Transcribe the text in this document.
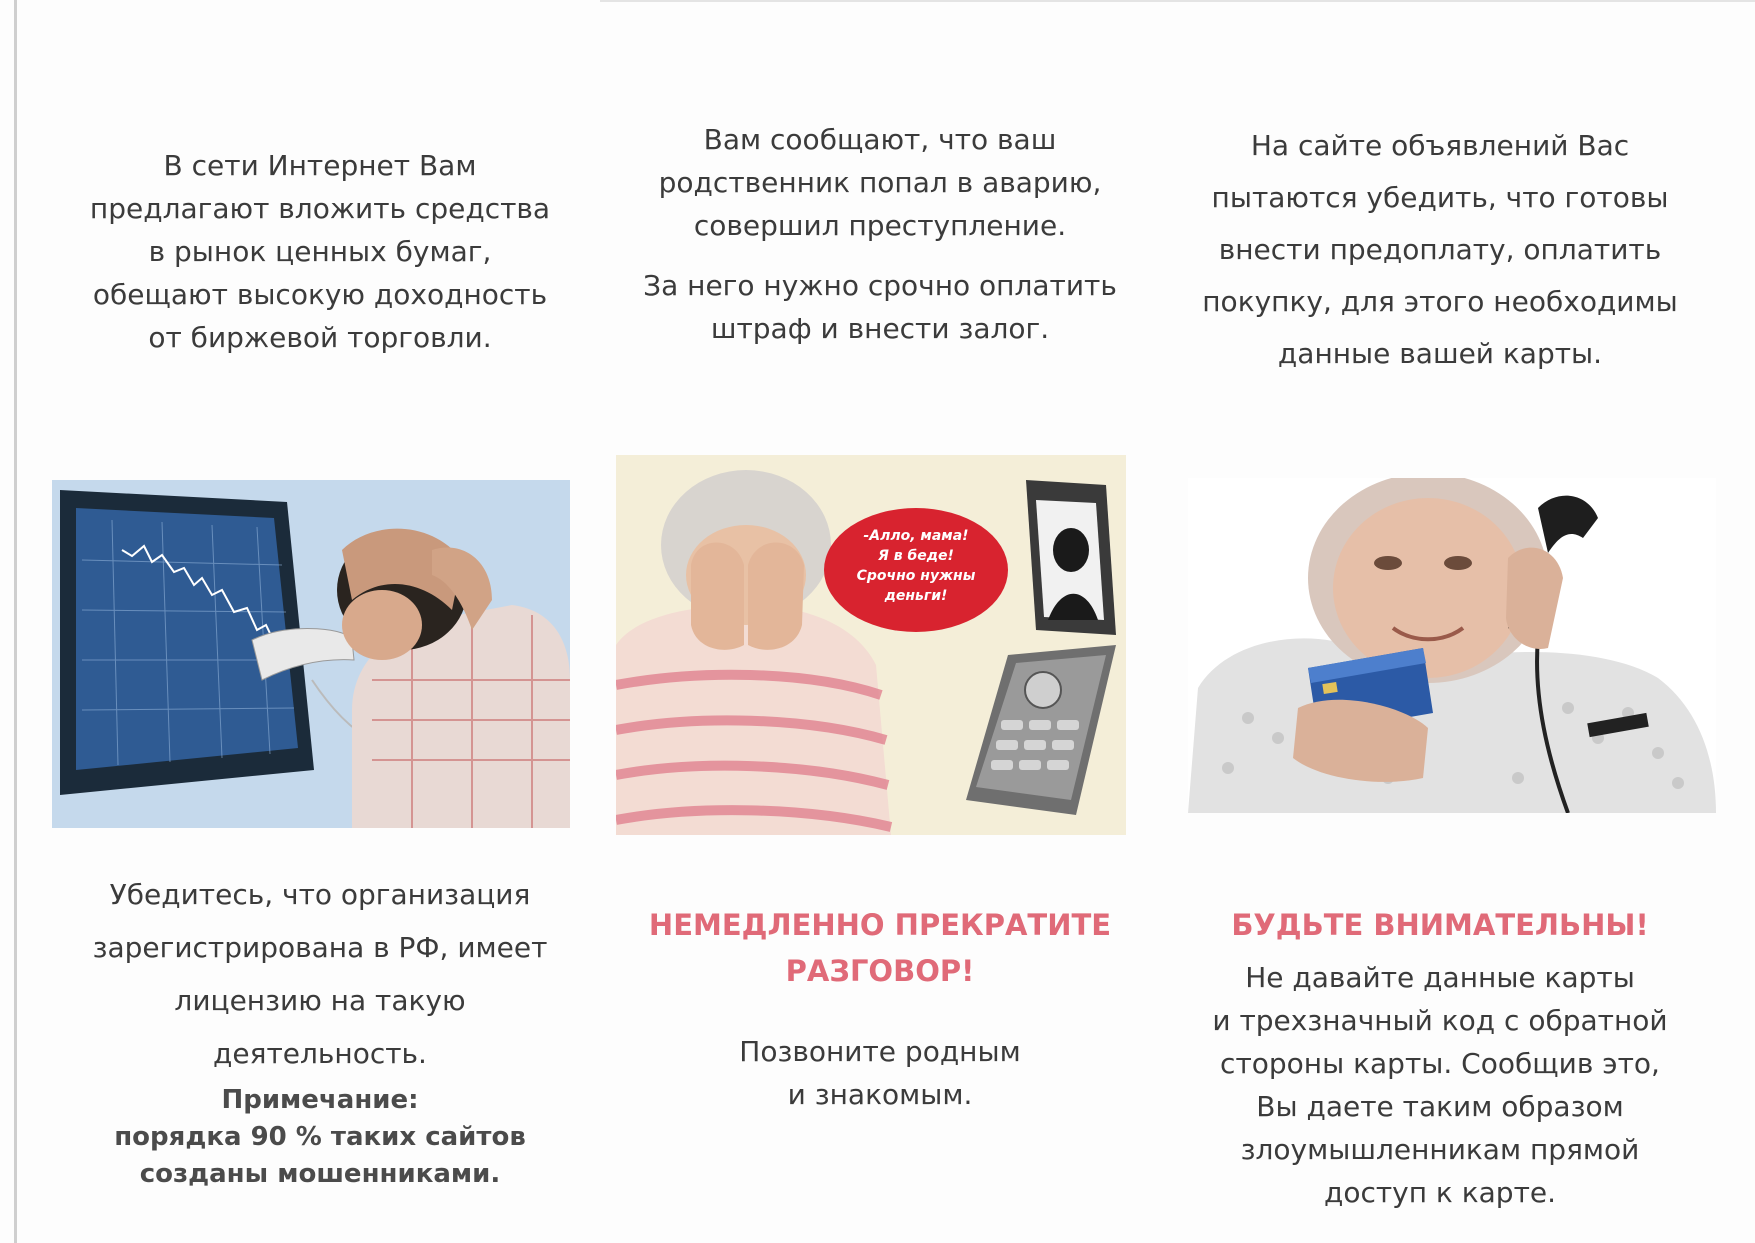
В сети Интернет Вам

предлагают вложить средства

в рынок ценных бумаг,

обещают высокую доходность

от биржевой торговли.

Вам сообщают, что ваш

родственник попал в аварию,

совершил преступление.

За него нужно срочно оплатить

штраф и внести залог.

На сайте объявлений Вас

пытаются убедить, что готовы

внести предоплату, оплатить

покупку, для этого необходимы

данные вашей карты.

-Алло, мама!
Я в беде!
Срочно нужны
деньги!

Убедитесь, что организация

зарегистрирована в РФ, имеет

лицензию на такую

деятельность.

Примечание:

порядка 90 % таких сайтов

созданы мошенниками.

НЕМЕДЛЕННО ПРЕКРАТИТЕ

РАЗГОВОР!

Позвоните родным

и знакомым.

БУДЬТЕ ВНИМАТЕЛЬНЫ!

Не давайте данные карты

и трехзначный код с обратной

стороны карты. Сообщив это,

Вы даете таким образом

злоумышленникам прямой

доступ к карте.
